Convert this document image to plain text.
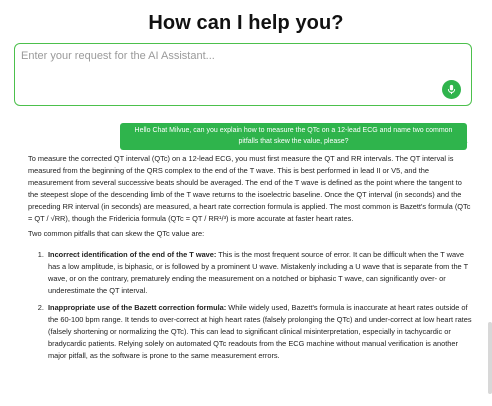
How can I help you?
Enter your request for the AI Assistant...
Hello Chat Milvue, can you explain how to measure the QTc on a 12-lead ECG and name two common pitfalls that skew the value, please?

To measure the corrected QT interval (QTc) on a 12-lead ECG, you must first measure the QT and RR intervals. The QT interval is measured from the beginning of the QRS complex to the end of the T wave. This is best performed in lead II or V5, and the measurement from several successive beats should be averaged. The end of the T wave is defined as the point where the tangent to the steepest slope of the descending limb of the T wave returns to the isoelectric baseline. Once the QT interval (in seconds) and the preceding RR interval (in seconds) are measured, a heart rate correction formula is applied. The most common is Bazett's formula (QTc = QT / √RR), though the Fridericia formula (QTc = QT / RR¹/³) is more accurate at faster heart rates.

Two common pitfalls that can skew the QTc value are:

1. Incorrect identification of the end of the T wave: This is the most frequent source of error. It can be difficult when the T wave has a low amplitude, is biphasic, or is followed by a prominent U wave. Mistakenly including a U wave that is separate from the T wave, or on the contrary, prematurely ending the measurement on a notched or biphasic T wave, can significantly over- or underestimate the QT interval.
2. Inappropriate use of the Bazett correction formula: While widely used, Bazett's formula is inaccurate at heart rates outside of the 60-100 bpm range. It tends to over-correct at high heart rates (falsely prolonging the QTc) and under-correct at low heart rates (falsely shortening or normalizing the QTc). This can lead to significant clinical misinterpretation, especially in tachycardic or bradycardic patients. Relying solely on automated QTc readouts from the ECG machine without manual verification is another major pitfall, as the software is prone to the same measurement errors.
